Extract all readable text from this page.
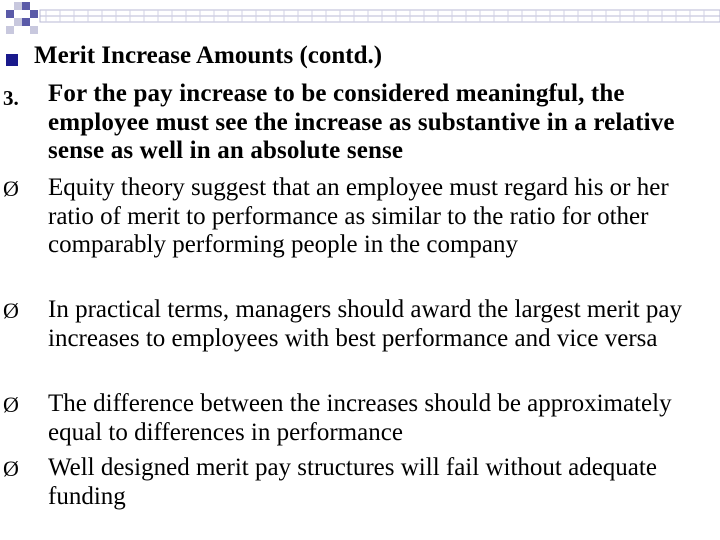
Merit Increase Amounts (contd.)
3. For the pay increase to be considered meaningful, the employee must see the increase as substantive in a relative sense as well in an absolute sense
Ø Equity theory suggest that an employee must regard his or her ratio of merit to performance as similar to the ratio for other comparably performing people in the company
Ø In practical terms, managers should award the largest merit pay increases to employees with best performance and vice versa
Ø The difference between the increases should be approximately equal to differences in performance
Ø Well designed merit pay structures will fail without adequate funding
